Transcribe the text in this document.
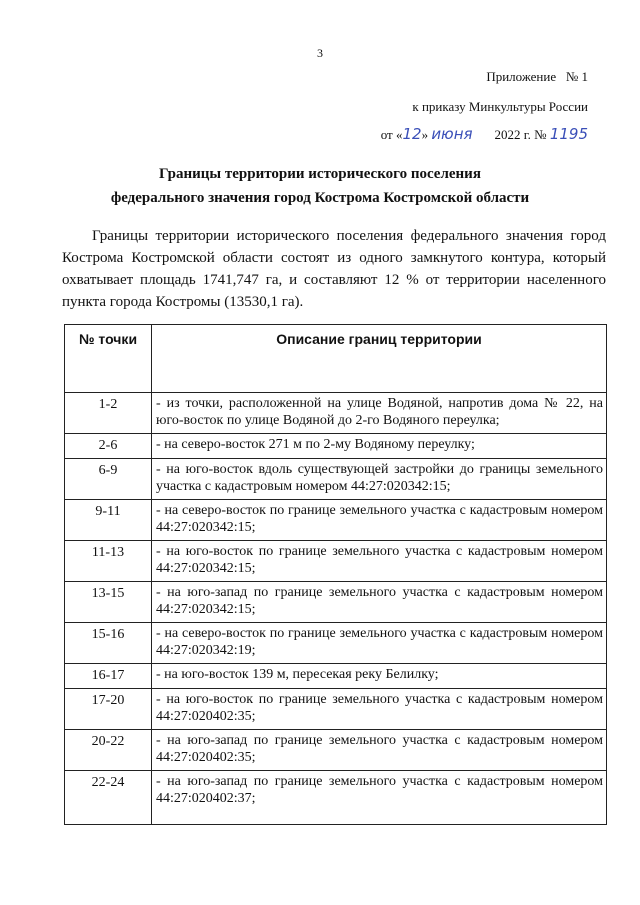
3
Приложение   № 1
к приказу Минкультуры России
от «12» июня 2022 г. № 1195
Границы территории исторического поселения
федерального значения город Кострома Костромской области
Границы территории исторического поселения федерального значения город Кострома Костромской области состоят из одного замкнутого контура, который охватывает площадь 1741,747 га, и составляют 12 % от территории населенного пункта города Костромы (13530,1 га).
№ точки	Описание границ территории
1-2	- из точки, расположенной на улице Водяной, напротив дома № 22, на юго-восток по улице Водяной до 2-го Водяного переулка;
2-6	- на северо-восток 271 м по 2-му Водяному переулку;
6-9	- на юго-восток вдоль существующей застройки до границы земельного участка с кадастровым номером 44:27:020342:15;
9-11	- на северо-восток по границе земельного участка с кадастровым номером 44:27:020342:15;
11-13	- на юго-восток по границе земельного участка с кадастровым номером 44:27:020342:15;
13-15	- на юго-запад по границе земельного участка с кадастровым номером 44:27:020342:15;
15-16	- на северо-восток по границе земельного участка с кадастровым номером 44:27:020342:19;
16-17	- на юго-восток 139 м, пересекая реку Белилку;
17-20	- на юго-восток по границе земельного участка с кадастровым номером 44:27:020402:35;
20-22	- на юго-запад по границе земельного участка с кадастровым номером 44:27:020402:35;
22-24	- на юго-запад по границе земельного участка с кадастровым номером 44:27:020402:37;
